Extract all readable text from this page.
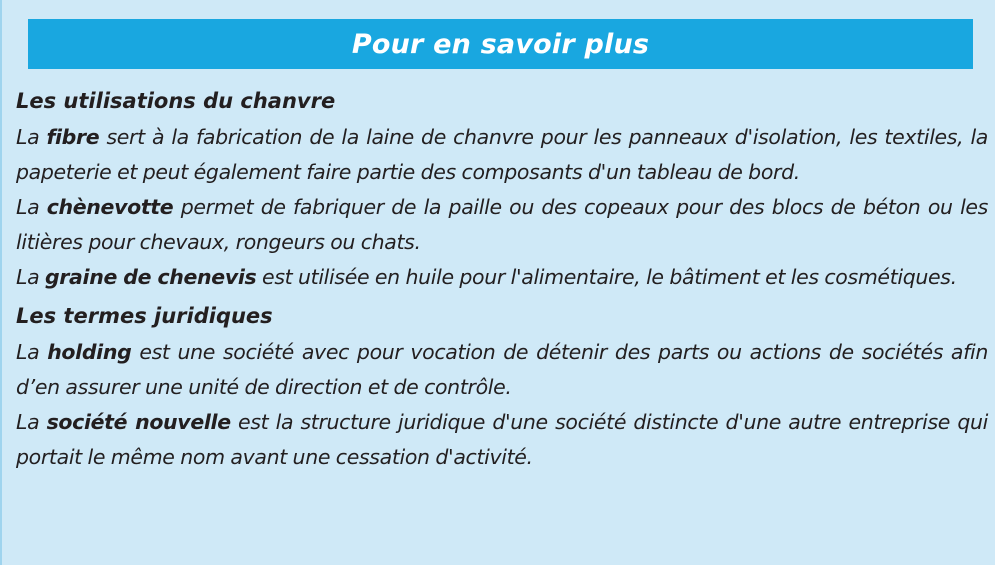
Pour en savoir plus
Les utilisations du chanvre

La fibre sert à la fabrication de la laine de chanvre pour les panneaux d'isolation, les textiles, la papeterie et peut également faire partie des composants d'un tableau de bord.

La chènevotte permet de fabriquer de la paille ou des copeaux pour des blocs de béton ou les litières pour chevaux, rongeurs ou chats.

La graine de chenevis est utilisée en huile pour l'alimentaire, le bâtiment et les cosmétiques.

Les termes juridiques

La holding est une société avec pour vocation de détenir des parts ou actions de sociétés afin d’en assurer une unité de direction et de contrôle.

La société nouvelle est la structure juridique d'une société distincte d'une autre entreprise qui portait le même nom avant une cessation d'activité.
